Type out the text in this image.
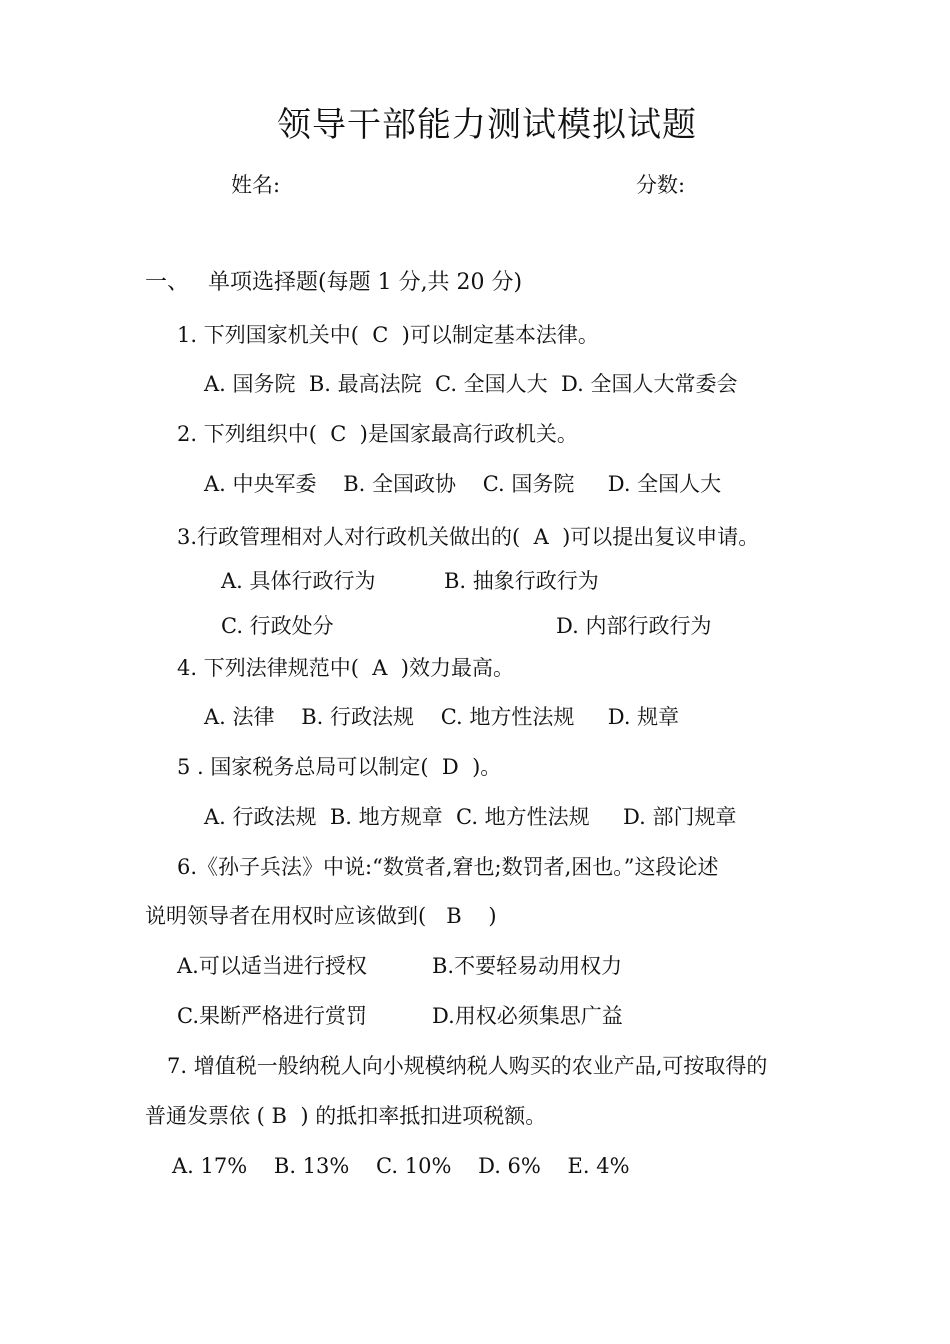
领导干部能力测试模拟试题
姓名:	分数:
一、 单项选择题(每题 1 分,共 20 分)
1. 下列国家机关中(  C  )可以制定基本法律。
A. 国务院  B. 最高法院  C. 全国人大  D. 全国人大常委会
2. 下列组织中(  C  )是国家最高行政机关。
A. 中央军委    B. 全国政协    C. 国务院     D. 全国人大
3.行政管理相对人对行政机关做出的(  A  )可以提出复议申请。
A. 具体行政行为	B. 抽象行政行为
C. 行政处分	D. 内部行政行为
4. 下列法律规范中(  A  )效力最高。
A. 法律    B. 行政法规    C. 地方性法规     D. 规章
5 . 国家税务总局可以制定(  D  )。
A. 行政法规  B. 地方规章  C. 地方性法规     D. 部门规章
6.《孙子兵法》中说:“数赏者,窘也;数罚者,困也。”这段论述
说明领导者在用权时应该做到(   B    )
A.可以适当进行授权	B.不要轻易动用权力
C.果断严格进行赏罚	D.用权必须集思广益
7. 增值税一般纳税人向小规模纳税人购买的农业产品,可按取得的
普通发票依 ( B  ) 的抵扣率抵扣进项税额。
A. 17%    B. 13%    C. 10%    D. 6%    E. 4%
